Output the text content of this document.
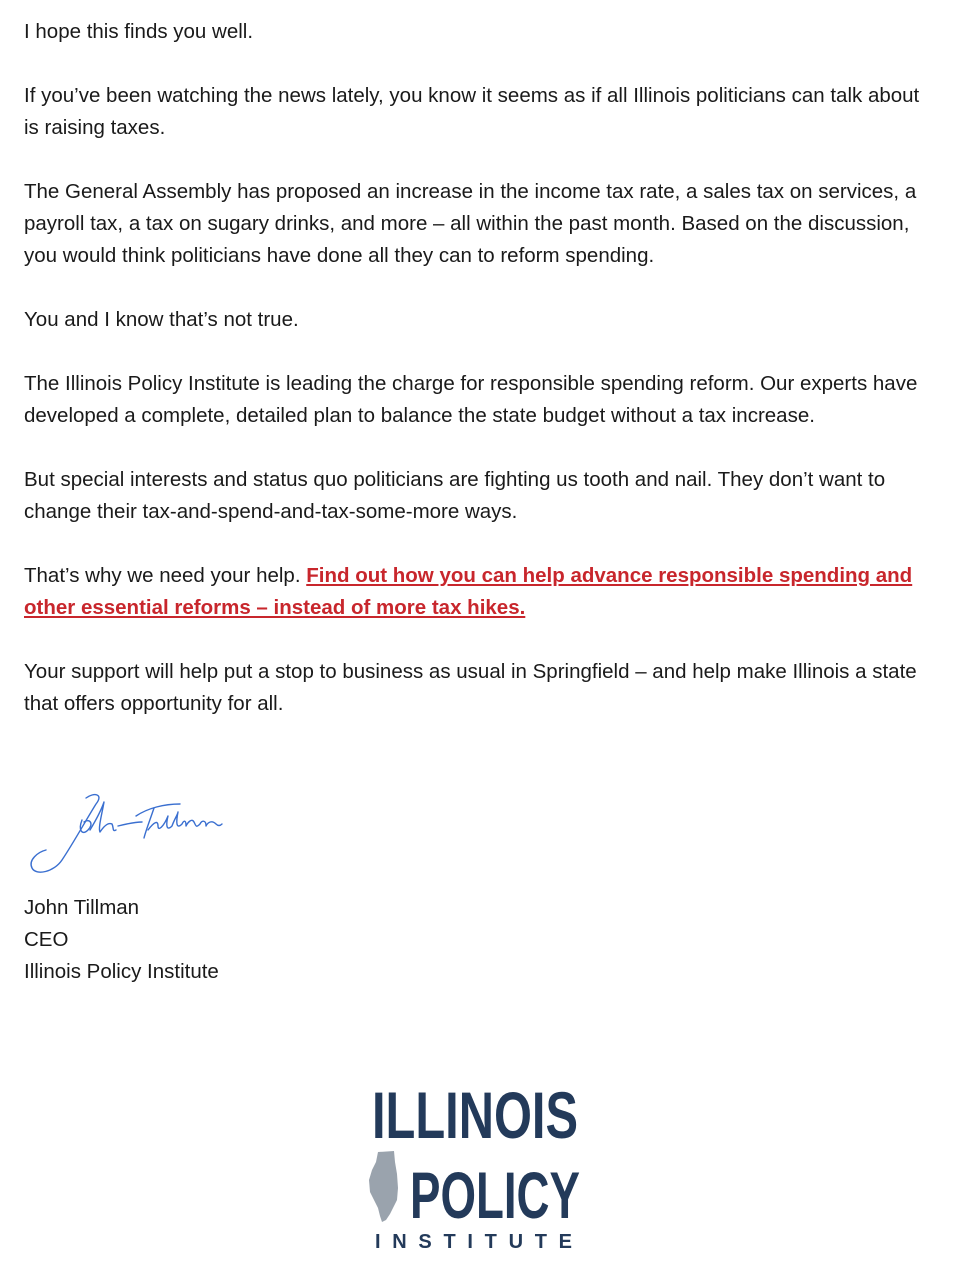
I hope this finds you well.

If you’ve been watching the news lately, you know it seems as if all Illinois politicians can talk about is raising taxes.

The General Assembly has proposed an increase in the income tax rate, a sales tax on services, a payroll tax, a tax on sugary drinks, and more – all within the past month. Based on the discussion, you would think politicians have done all they can to reform spending.

You and I know that’s not true.

The Illinois Policy Institute is leading the charge for responsible spending reform. Our experts have developed a complete, detailed plan to balance the state budget without a tax increase.

But special interests and status quo politicians are fighting us tooth and nail. They don’t want to change their tax-and-spend-and-tax-some-more ways.

That’s why we need your help. Find out how you can help advance responsible spending and other essential reforms – instead of more tax hikes.

Your support will help put a stop to business as usual in Springfield – and help make Illinois a state that offers opportunity for all.

John Tillman
CEO
Illinois Policy Institute
ILLINOIS
POLICY
INSTITUTE
